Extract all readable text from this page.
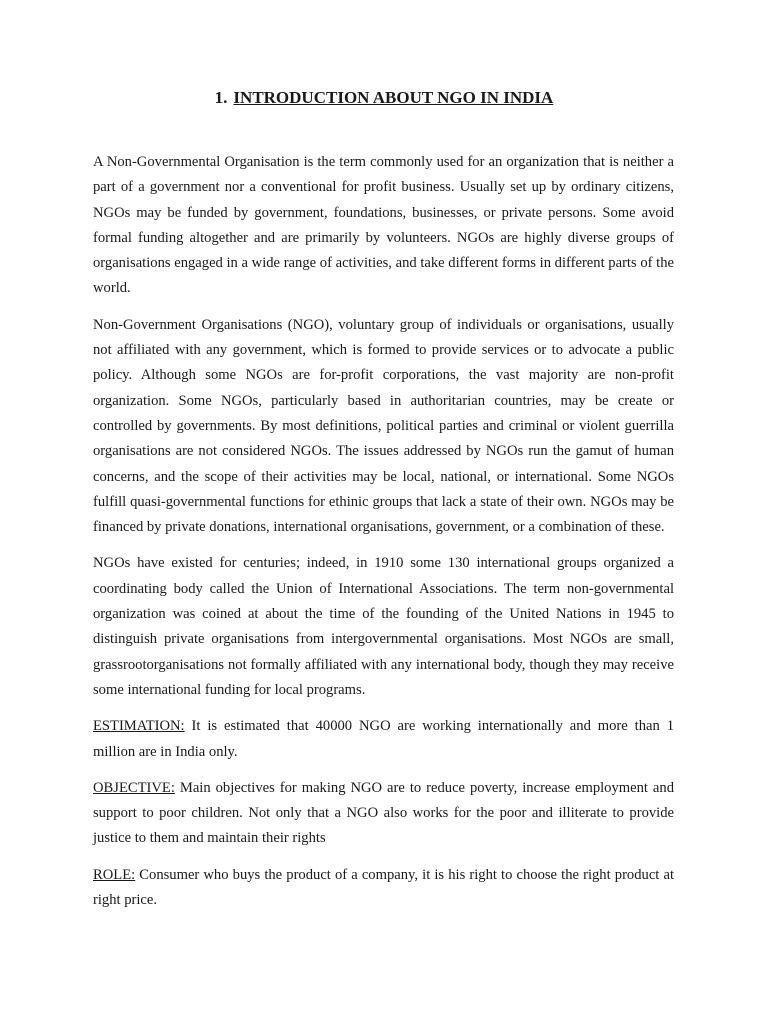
1. INTRODUCTION ABOUT NGO IN INDIA

A Non-Governmental Organisation is the term commonly used for an organization that is neither a part of a government nor a conventional for profit business. Usually set up by ordinary citizens, NGOs may be funded by government, foundations, businesses, or private persons. Some avoid formal funding altogether and are primarily by volunteers. NGOs are highly diverse groups of organisations engaged in a wide range of activities, and take different forms in different parts of the world.

Non-Government Organisations (NGO), voluntary group of individuals or organisations, usually not affiliated with any government, which is formed to provide services or to advocate a public policy. Although some NGOs are for-profit corporations, the vast majority are non-profit organization. Some NGOs, particularly based in authoritarian countries, may be create or controlled by governments. By most definitions, political parties and criminal or violent guerrilla organisations are not considered NGOs. The issues addressed by NGOs run the gamut of human concerns, and the scope of their activities may be local, national, or international. Some NGOs fulfill quasi-governmental functions for ethinic groups that lack a state of their own. NGOs may be financed by private donations, international organisations, government, or a combination of these.

NGOs have existed for centuries; indeed, in 1910 some 130 international groups organized a coordinating body called the Union of International Associations. The term non-governmental organization was coined at about the time of the founding of the United Nations in 1945 to distinguish private organisations from intergovernmental organisations. Most NGOs are small, grassrootorganisations not formally affiliated with any international body, though they may receive some international funding for local programs.

ESTIMATION: It is estimated that 40000 NGO are working internationally and more than 1 million are in India only.

OBJECTIVE: Main objectives for making NGO are to reduce poverty, increase employment and support to poor children. Not only that a NGO also works for the poor and illiterate to provide justice to them and maintain their rights

ROLE: Consumer who buys the product of a company, it is his right to choose the right product at right price.
